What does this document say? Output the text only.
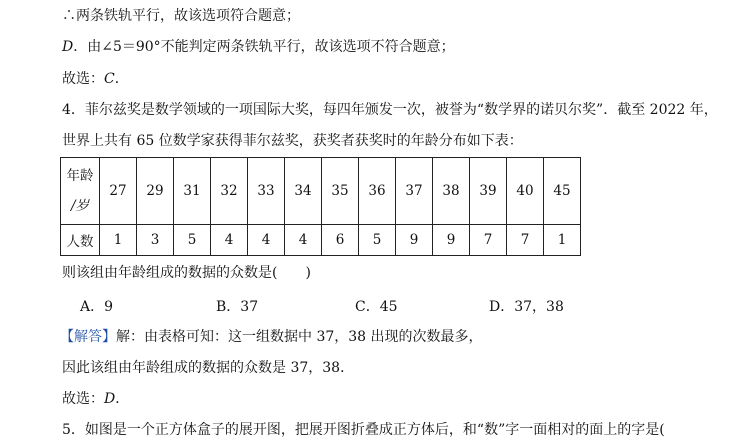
∴两条铁轨平行，故该选项符合题意；
D．由∠5＝90°不能判定两条铁轨平行，故该选项不符合题意；
故选：C．
4．菲尔兹奖是数学领域的一项国际大奖，每四年颁发一次，被誉为“数学界的诺贝尔奖”．截至 2022 年，
世界上共有 65 位数学家获得菲尔兹奖，获奖者获奖时的年龄分布如下表：
年龄
/岁	27	29	31	32	33	34	35	36	37	38	39	40	45
人数	1	3	5	4	4	4	6	5	9	9	7	7	1
则该组由年龄组成的数据的众数是(　　)
A．9	B．37	C．45	D．37，38
【解答】解：由表格可知：这一组数据中 37，38 出现的次数最多，
因此该组由年龄组成的数据的众数是 37，38．
故选：D．
5．如图是一个正方体盒子的展开图，把展开图折叠成正方体后，和“数”字一面相对的面上的字是(
